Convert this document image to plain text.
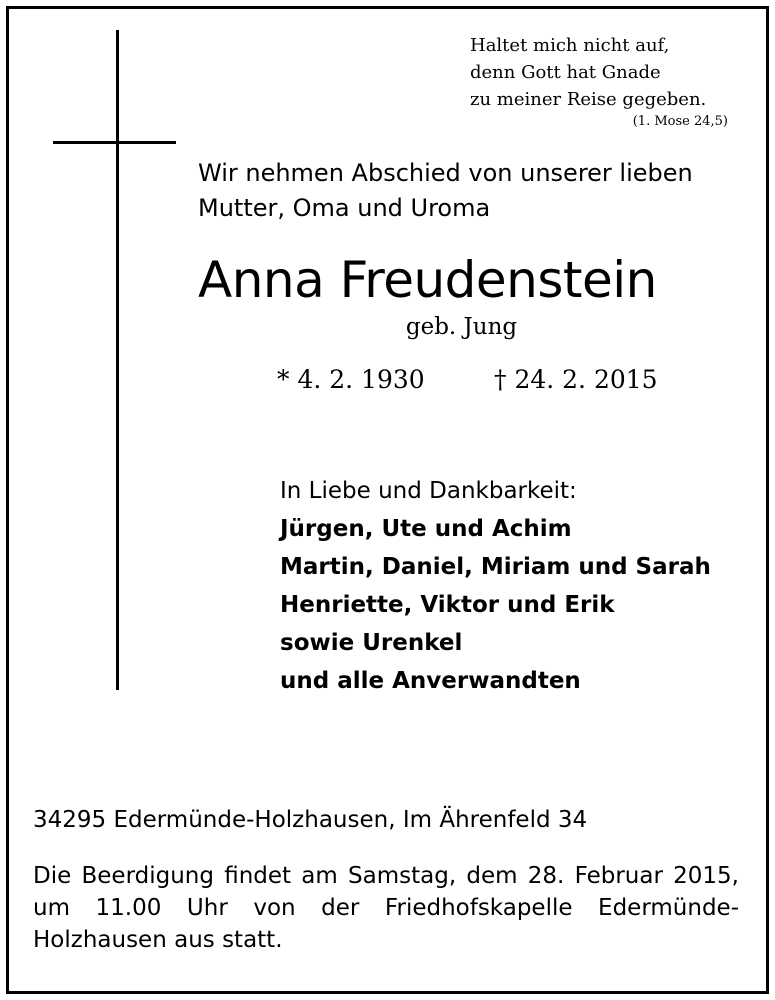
Haltet mich nicht auf,
denn Gott hat Gnade
zu meiner Reise gegeben.
(1. Mose 24,5)
Wir nehmen Abschied von unserer lieben
Mutter, Oma und Uroma
Anna Freudenstein
geb. Jung
* 4. 2. 1930	† 24. 2. 2015
In Liebe und Dankbarkeit:
Jürgen, Ute und Achim
Martin, Daniel, Miriam und Sarah
Henriette, Viktor und Erik
sowie Urenkel
und alle Anverwandten
34295 Edermünde-Holzhausen, Im Ährenfeld 34
Die Beerdigung findet am Samstag, dem 28. Februar 2015, um 11.00 Uhr von der Friedhofskapelle Edermünde-Holzhausen aus statt.
